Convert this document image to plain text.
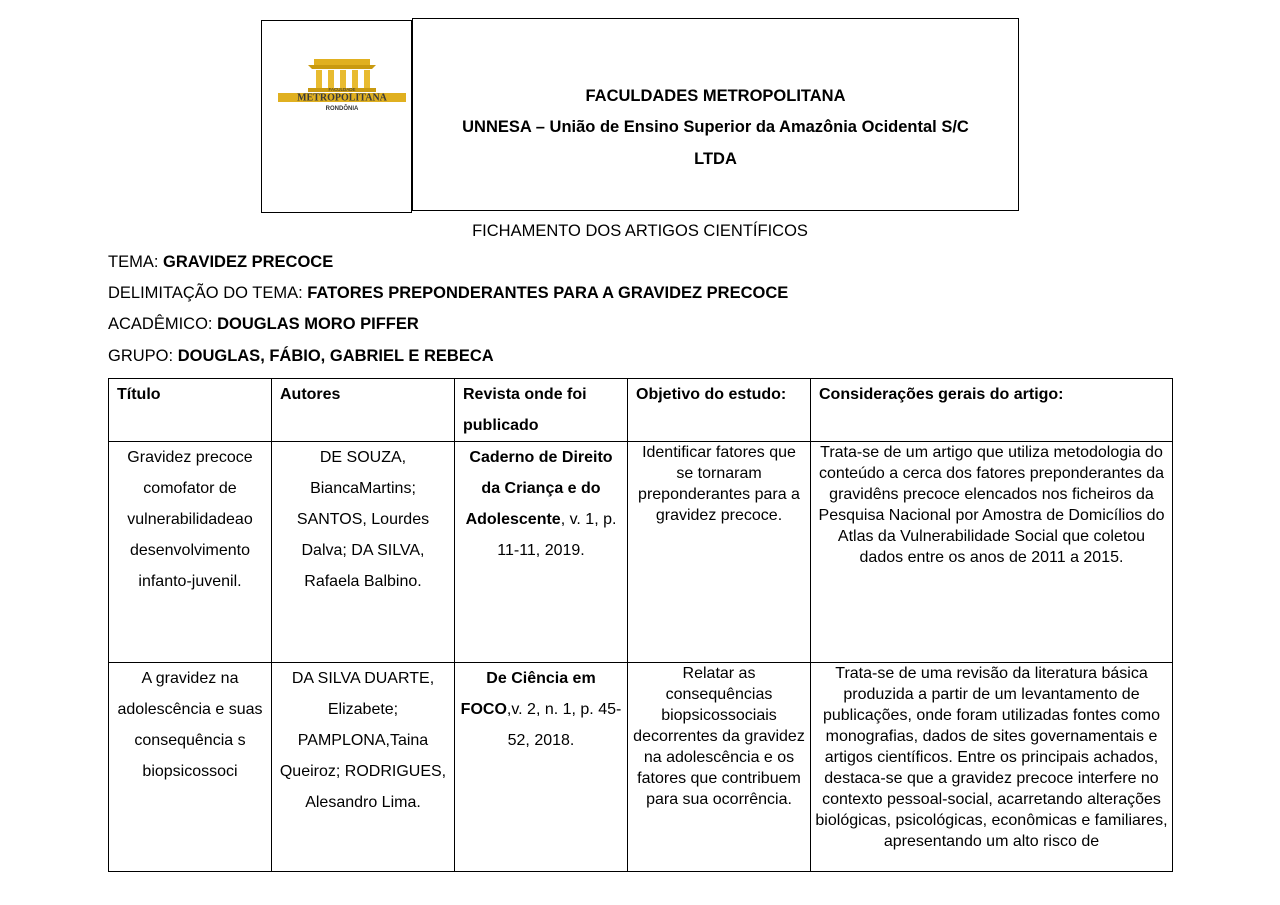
METROPOLITANA
FACULDADE
RONDÔNIA
FACULDADES METROPOLITANA
UNNESA – União de Ensino Superior da Amazônia Ocidental S/C
LTDA
FICHAMENTO DOS ARTIGOS CIENTÍFICOS
TEMA: GRAVIDEZ PRECOCE
DELIMITAÇÃO DO TEMA: FATORES PREPONDERANTES PARA A GRAVIDEZ PRECOCE
ACADÊMICO: DOUGLAS MORO PIFFER
GRUPO: DOUGLAS, FÁBIO, GABRIEL E REBECA
Título	Autores	Revista onde foi publicado	Objetivo do estudo:	Considerações gerais do artigo:
Gravidez precoce comofator de vulnerabilidadeao desenvolvimento infanto-juvenil.	DE SOUZA, BiancaMartins; SANTOS, Lourdes Dalva; DA SILVA, Rafaela Balbino.	Caderno de Direito da Criança e do Adolescente, v. 1, p. 11-11, 2019.	Identificar fatores que se tornaram preponderantes para a gravidez precoce.	Trata-se de um artigo que utiliza metodologia do conteúdo a cerca dos fatores preponderantes da gravidêns precoce elencados nos ficheiros da Pesquisa Nacional por Amostra de Domicílios do Atlas da Vulnerabilidade Social que coletou dados entre os anos de 2011 a 2015.
A gravidez na adolescência e suas consequência s biopsicossoci	DA SILVA DUARTE, Elizabete; PAMPLONA,Taina Queiroz; RODRIGUES, Alesandro Lima.	De Ciência em FOCO,v. 2, n. 1, p. 45-52, 2018.	Relatar as consequências biopsicossociais decorrentes da gravidez na adolescência e os fatores que contribuem para sua ocorrência.	Trata-se de uma revisão da literatura básica produzida a partir de um levantamento de publicações, onde foram utilizadas fontes como monografias, dados de sites governamentais e artigos científicos. Entre os principais achados, destaca-se que a gravidez precoce interfere no contexto pessoal-social, acarretando alterações biológicas, psicológicas, econômicas e familiares, apresentando um alto risco de
